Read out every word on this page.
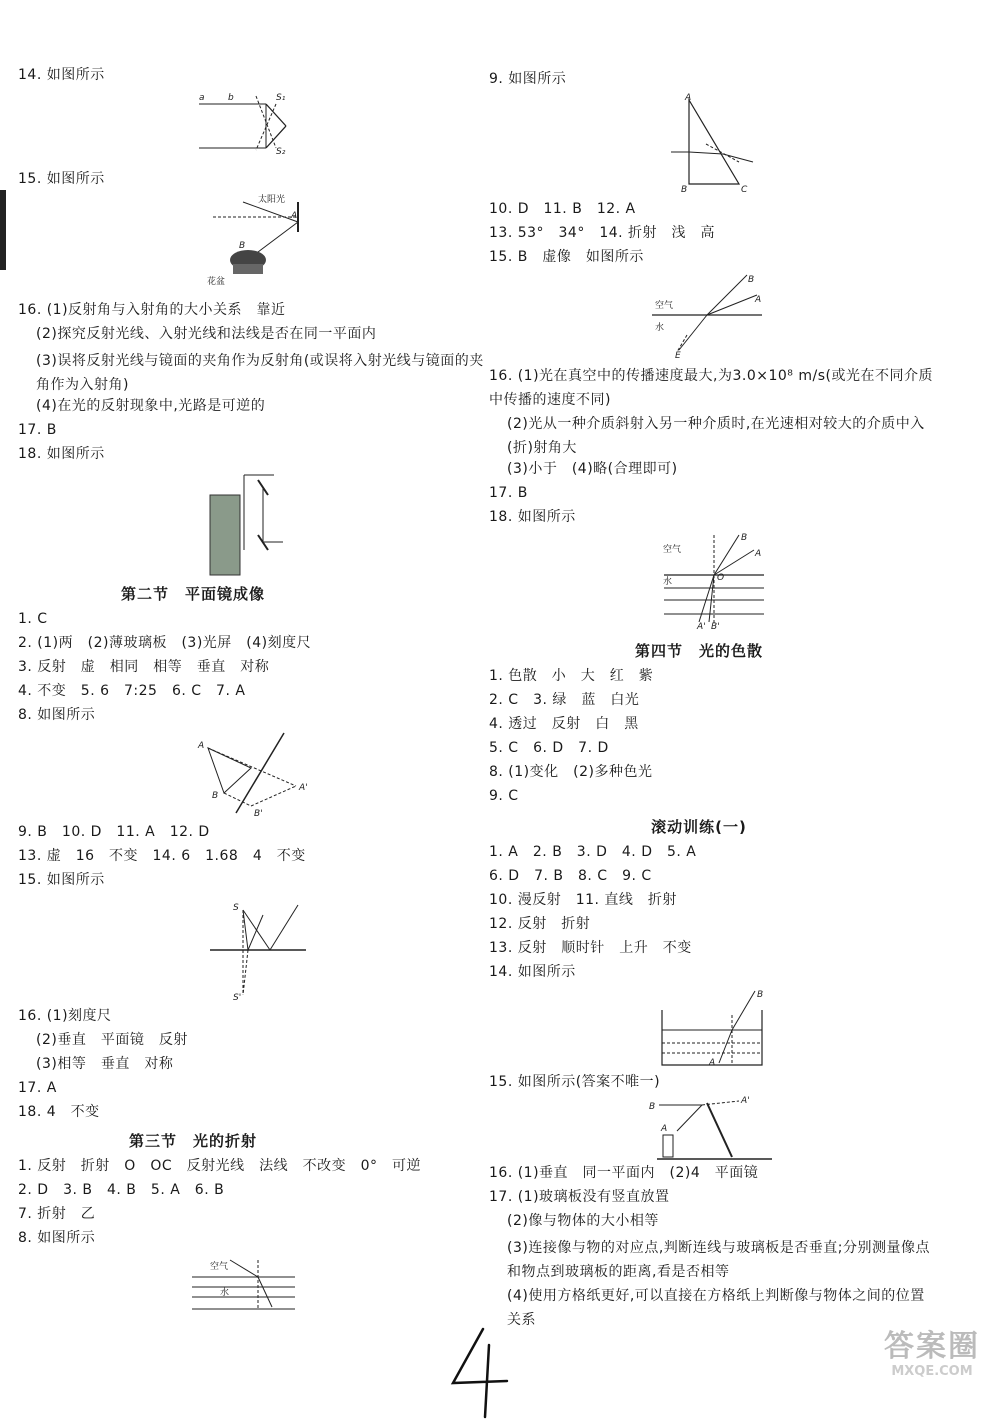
14. 如图所示
a	b	S₁
S₂
15. 如图所示
太阳光
花盆
A
B
16. (1)反射角与入射角的大小关系　靠近
(2)探究反射光线、入射光线和法线是否在同一平面内
(3)误将反射光线与镜面的夹角作为反射角(或误将入射光线与镜面的夹角作为入射角)
(4)在光的反射现象中,光路是可逆的
17. B
18. 如图所示
第二节　平面镜成像
1. C
2. (1)两　(2)薄玻璃板　(3)光屏　(4)刻度尺
3. 反射　虚　相同　相等　垂直　对称
4. 不变　5. 6　7:25　6. C　7. A
8. 如图所示
A
B
A'
B'
9. B　10. D　11. A　12. D
13. 虚　16　不变　14. 6　1.68　4　不变
15. 如图所示
S
S'
16. (1)刻度尺
(2)垂直　平面镜　反射
(3)相等　垂直　对称
17. A
18. 4　不变
第三节　光的折射
1. 反射　折射　O　OC　反射光线　法线　不改变　0°　可逆
2. D　3. B　4. B　5. A　6. B
7. 折射　乙
8. 如图所示
空气
水
9. 如图所示
A
B	C
10. D　11. B　12. A
13. 53°　34°　14. 折射　浅　高
15. B　虚像　如图所示
空气
水
B
A
E
16. (1)光在真空中的传播速度最大,为3.0×10⁸ m/s(或光在不同介质中传播的速度不同)
(2)光从一种介质斜射入另一种介质时,在光速相对较大的介质中入(折)射角大
(3)小于　(4)略(合理即可)
17. B
18. 如图所示
空气
水
B
A
O
A' B'
第四节　光的色散
1. 色散　小　大　红　紫
2. C　3. 绿　蓝　白光
4. 透过　反射　白　黑
5. C　6. D　7. D
8. (1)变化　(2)多种色光
9. C
滚动训练(一)
1. A　2. B　3. D　4. D　5. A
6. D　7. B　8. C　9. C
10. 漫反射　11. 直线　折射
12. 反射　折射
13. 反射　顺时针　上升　不变
14. 如图所示
B
A
15. 如图所示(答案不唯一)
B
A'
A
16. (1)垂直　同一平面内　(2)4　平面镜
17. (1)玻璃板没有竖直放置
(2)像与物体的大小相等
(3)连接像与物的对应点,判断连线与玻璃板是否垂直;分别测量像点和物点到玻璃板的距离,看是否相等
(4)使用方格纸更好,可以直接在方格纸上判断像与物体之间的位置关系
答案圈
MXQE.COM
